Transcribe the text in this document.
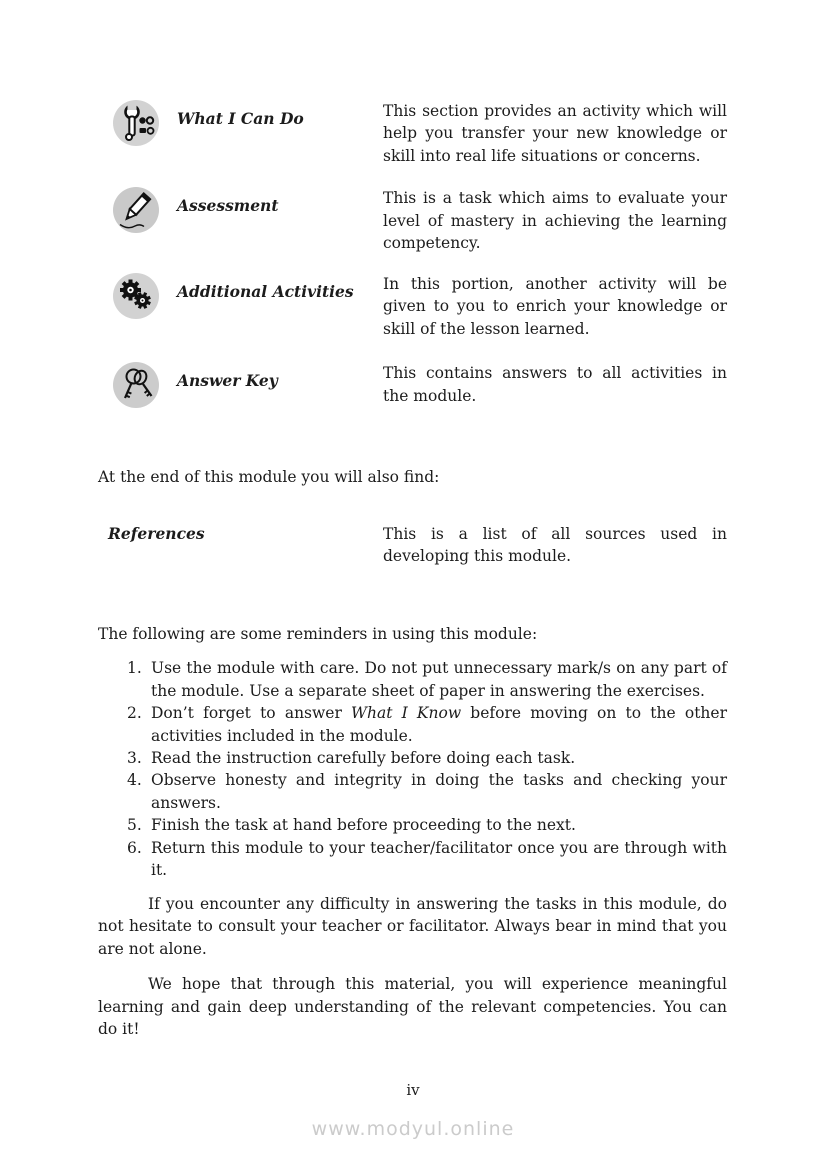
What I Can Do	This section provides an activity which will help you transfer your new knowledge or skill into real life situations or concerns.
Assessment	This is a task which aims to evaluate your level of mastery in achieving the learning competency.
Additional Activities	In this portion, another activity will be given to you to enrich your knowledge or skill of the lesson learned.
Answer Key	This contains answers to all activities in the module.
At the end of this module you will also find:
References	This is a list of all sources used in developing this module.
The following are some reminders in using this module:
1. Use the module with care. Do not put unnecessary mark/s on any part of the module. Use a separate sheet of paper in answering the exercises.
2. Don’t forget to answer What I Know before moving on to the other activities included in the module.
3. Read the instruction carefully before doing each task.
4. Observe honesty and integrity in doing the tasks and checking your answers.
5. Finish the task at hand before proceeding to the next.
6. Return this module to your teacher/facilitator once you are through with it.
If you encounter any difficulty in answering the tasks in this module, do not hesitate to consult your teacher or facilitator. Always bear in mind that you are not alone.
We hope that through this material, you will experience meaningful learning and gain deep understanding of the relevant competencies. You can do it!
iv
www.modyul.online
